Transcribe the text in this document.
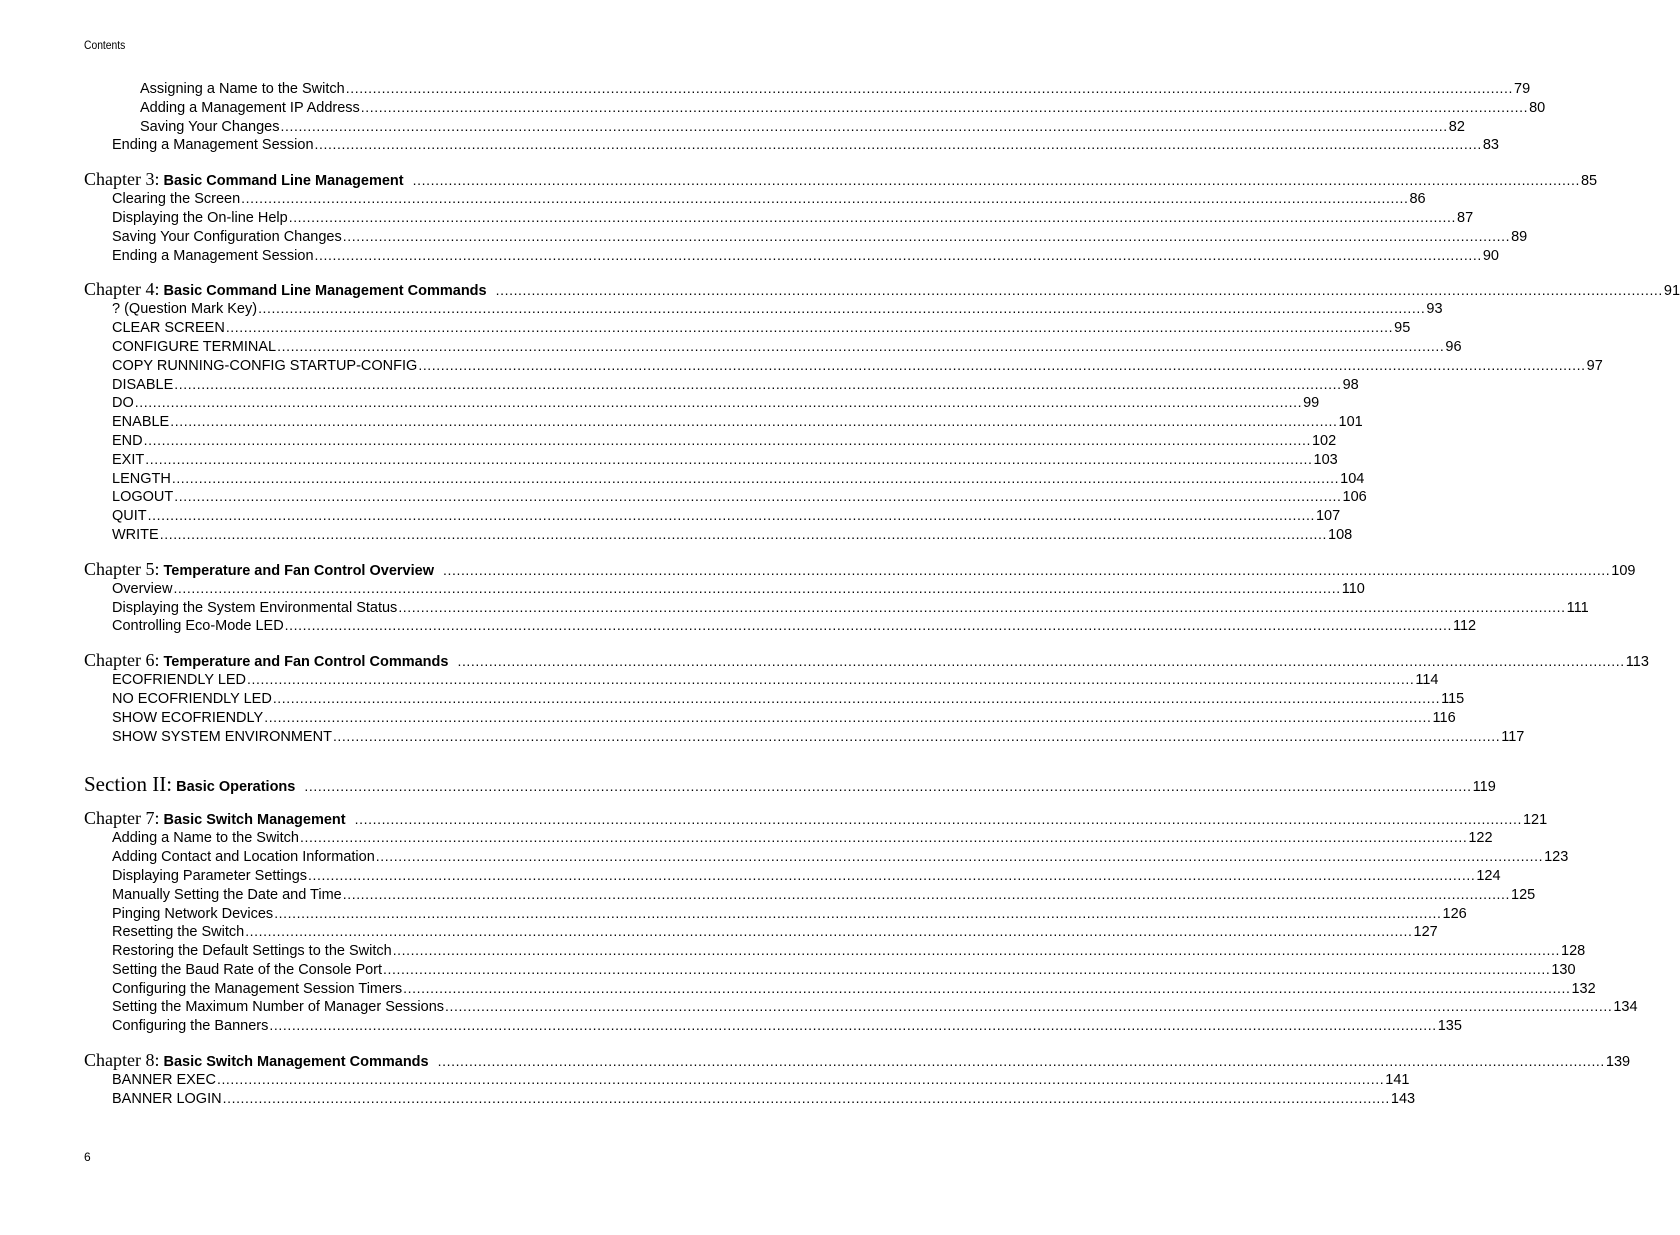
Contents
Assigning a Name to the Switch .................................................................................................................................................................................................................................................................... 79
Adding a Management IP Address .................................................................................................................................................................................................................................................................... 80
Saving Your Changes .................................................................................................................................................................................................................................................................... 82
Ending a Management Session .................................................................................................................................................................................................................................................................... 83
Chapter 3: Basic Command Line Management .................................................................................................................................................................................................................................................................... 85
Clearing the Screen .................................................................................................................................................................................................................................................................... 86
Displaying the On-line Help .................................................................................................................................................................................................................................................................... 87
Saving Your Configuration Changes .................................................................................................................................................................................................................................................................... 89
Ending a Management Session .................................................................................................................................................................................................................................................................... 90
Chapter 4: Basic Command Line Management Commands .................................................................................................................................................................................................................................................................... 91
? (Question Mark Key) .................................................................................................................................................................................................................................................................... 93
CLEAR SCREEN .................................................................................................................................................................................................................................................................... 95
CONFIGURE TERMINAL .................................................................................................................................................................................................................................................................... 96
COPY RUNNING-CONFIG STARTUP-CONFIG .................................................................................................................................................................................................................................................................... 97
DISABLE .................................................................................................................................................................................................................................................................... 98
DO .................................................................................................................................................................................................................................................................... 99
ENABLE .................................................................................................................................................................................................................................................................... 101
END .................................................................................................................................................................................................................................................................... 102
EXIT .................................................................................................................................................................................................................................................................... 103
LENGTH .................................................................................................................................................................................................................................................................... 104
LOGOUT .................................................................................................................................................................................................................................................................... 106
QUIT .................................................................................................................................................................................................................................................................... 107
WRITE .................................................................................................................................................................................................................................................................... 108
Chapter 5: Temperature and Fan Control Overview .................................................................................................................................................................................................................................................................... 109
Overview .................................................................................................................................................................................................................................................................... 110
Displaying the System Environmental Status .................................................................................................................................................................................................................................................................... 111
Controlling Eco-Mode LED .................................................................................................................................................................................................................................................................... 112
Chapter 6: Temperature and Fan Control Commands .................................................................................................................................................................................................................................................................... 113
ECOFRIENDLY LED .................................................................................................................................................................................................................................................................... 114
NO ECOFRIENDLY LED .................................................................................................................................................................................................................................................................... 115
SHOW ECOFRIENDLY .................................................................................................................................................................................................................................................................... 116
SHOW SYSTEM ENVIRONMENT .................................................................................................................................................................................................................................................................... 117
Section II: Basic Operations .................................................................................................................................................................................................................................................................... 119
Chapter 7: Basic Switch Management .................................................................................................................................................................................................................................................................... 121
Adding a Name to the Switch .................................................................................................................................................................................................................................................................... 122
Adding Contact and Location Information .................................................................................................................................................................................................................................................................... 123
Displaying Parameter Settings .................................................................................................................................................................................................................................................................... 124
Manually Setting the Date and Time .................................................................................................................................................................................................................................................................... 125
Pinging Network Devices .................................................................................................................................................................................................................................................................... 126
Resetting the Switch .................................................................................................................................................................................................................................................................... 127
Restoring the Default Settings to the Switch .................................................................................................................................................................................................................................................................... 128
Setting the Baud Rate of the Console Port .................................................................................................................................................................................................................................................................... 130
Configuring the Management Session Timers .................................................................................................................................................................................................................................................................... 132
Setting the Maximum Number of Manager Sessions .................................................................................................................................................................................................................................................................... 134
Configuring the Banners .................................................................................................................................................................................................................................................................... 135
Chapter 8: Basic Switch Management Commands .................................................................................................................................................................................................................................................................... 139
BANNER EXEC .................................................................................................................................................................................................................................................................... 141
BANNER LOGIN .................................................................................................................................................................................................................................................................... 143
6
